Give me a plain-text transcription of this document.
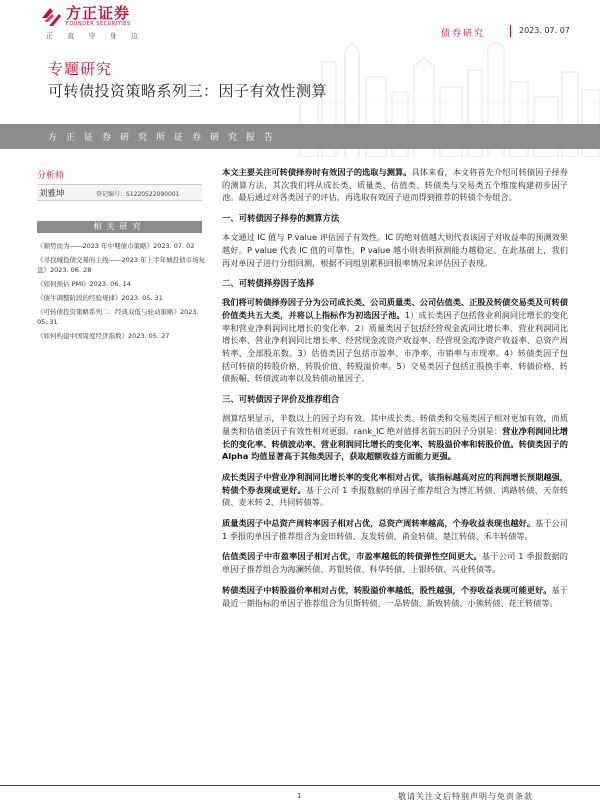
方正证券
FOUNDER SECURITIES
正 直 守 身 边	债券研究	2023. 07. 07
专题研究
可转债投资策略系列三：因子有效性测算
方正证券研究所证券研究报告
分析师
刘雅坤	登记编号：S1220522090001
相关研究
《顺势而为——2023 年中期债市策略》2023. 07. 02
《寻找城投债交易的主线——2023 年上半年城投债市场复盘》2023. 06. 28
《如何预估 PMI》2023. 06. 14
《债牛调整阶段的经验规律》2023. 05. 31
《可转债投资策略系列二：经典双低与轮动策略》2023. 05. 31
《如何构建中国周度经济指数》2023. 05. 27

本文主要关注可转债择券时有效因子的选取与测算。具体来看，本文将首先介绍可转债因子择券的测算方法，其次我们将从成长类、质量类、估值类、转债类与交易类五个维度构建初步因子池。最后通过对各类因子的评估，再选取有效因子进而得到推荐的转债个券组合。

一、可转债因子择券的测算方法

本文通过 IC 值与 P value 评估因子有效性。IC 的绝对值越大则代表该因子对收益率的预测效果越好。P value 代表 IC 值的可靠性，P value 越小则表明预测能力越稳定。在此基础上，我们再对单因子进行分组回测，根据不同组别累积回报率情况来评估因子表现。

二、可转债择券因子选择

我们将可转债择券因子分为公司成长类、公司质量类、公司估值类、正股及转债交易类及可转债价值类共五大类，并将以上指标作为初选因子池。1）成长类因子包括营业利润同比增长的变化率和营业净利润同比增长的变化率。2）质量类因子包括经营现金流同比增长率、营业利润同比增长率、营业净利润同比增长率、经营现金流资产收益率、经营现金流净资产收益率、总资产周转率、全部股东数。3）估值类因子包括市盈率、市净率、市销率与市现率。4）转债类因子包括可转债的转股价格、转股价值、转股溢价率。5）交易类因子包括正股换手率、转债价格、转债振幅、转债波动率以及转债动量因子。

三、可转债因子评价及推荐组合

测算结果显示，半数以上的因子均有效。其中成长类、转债类和交易类因子相对更加有效，而质量类和估值类因子有效性相对更弱。rank_IC 绝对值排名前五的因子分别是：营业净利润同比增长的变化率、转债波动率、营业利润同比增长的变化率、转股溢价率和转股价值。转债类因子的 Alpha 均值显著高于其他类因子，获取超额收益方面能力更强。

成长类因子中营业净利润同比增长率的变化率相对占优，该指标越高对应的利润增长预期越强，转债个券表现或更好。基于公司 1 季报数据的单因子推荐组合为博汇转债、鸿路转债、天奈转债、麦米转 2、共同转债等。

质量类因子中总资产周转率因子相对占优，总资产周转率越高，个券收益表现也越好。基于公司 1 季报的单因子推荐组合为金田转债、友发转债、甬金转债、楚江转债、禾丰转债等。

估值类因子中市盈率因子相对占优，市盈率越低的转债弹性空间更大。基于公司 1 季报数据的单因子推荐组合为海澜转债、苏银转债、科华转债、上银转债、兴业转债等。

转债类因子中转股溢价率相对占优，转股溢价率越低，股性越强，个券收益表现可能更好。基于最近一期指标的单因子推荐组合为贝斯转债、一品转债、新致转债、小熊转债、花王转债等。

1	敬请关注文后特别声明与免责条款
